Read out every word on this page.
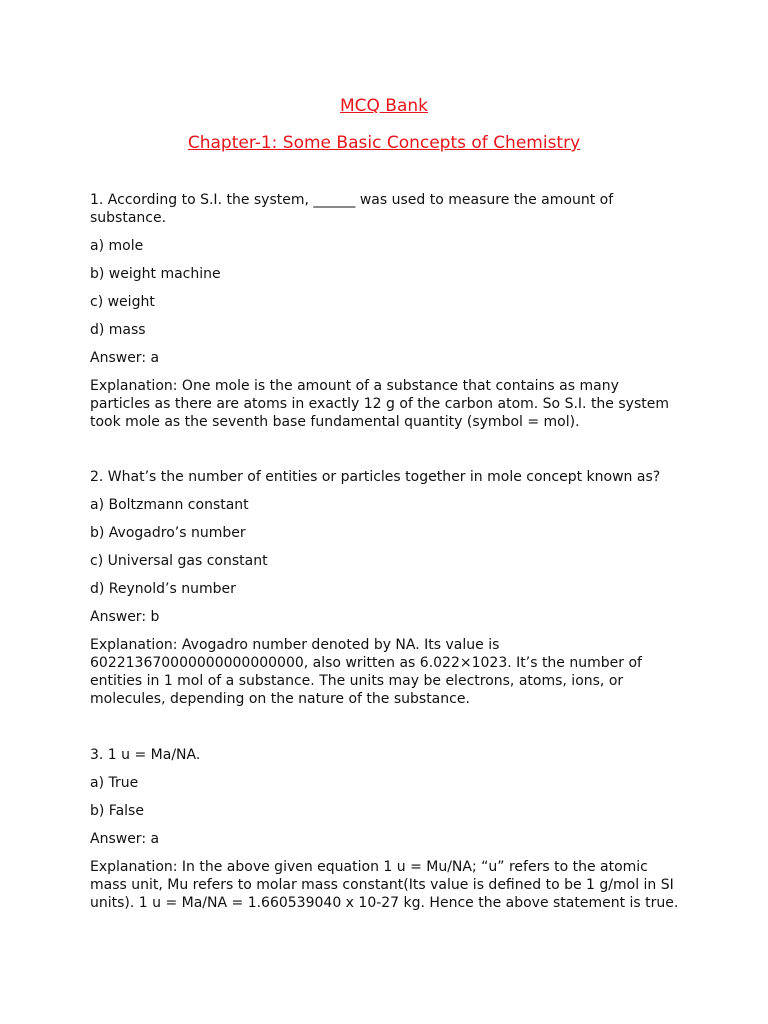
MCQ Bank
Chapter-1: Some Basic Concepts of Chemistry

1. According to S.I. the system, ______ was used to measure the amount of substance.

a) mole

b) weight machine

c) weight

d) mass

Answer: a

Explanation: One mole is the amount of a substance that contains as many particles as there are atoms in exactly 12 g of the carbon atom. So S.I. the system took mole as the seventh base fundamental quantity (symbol = mol).

2. What’s the number of entities or particles together in mole concept known as?

a) Boltzmann constant

b) Avogadro’s number

c) Universal gas constant

d) Reynold’s number

Answer: b

Explanation: Avogadro number denoted by NA. Its value is 602213670000000000000000, also written as 6.022×1023. It’s the number of entities in 1 mol of a substance. The units may be electrons, atoms, ions, or molecules, depending on the nature of the substance.

3. 1 u = Ma/NA.

a) True

b) False

Answer: a

Explanation: In the above given equation 1 u = Mu/NA; “u” refers to the atomic mass unit, Mu refers to molar mass constant(Its value is defined to be 1 g/mol in SI units). 1 u = Ma/NA = 1.660539040 x 10-27 kg. Hence the above statement is true.
